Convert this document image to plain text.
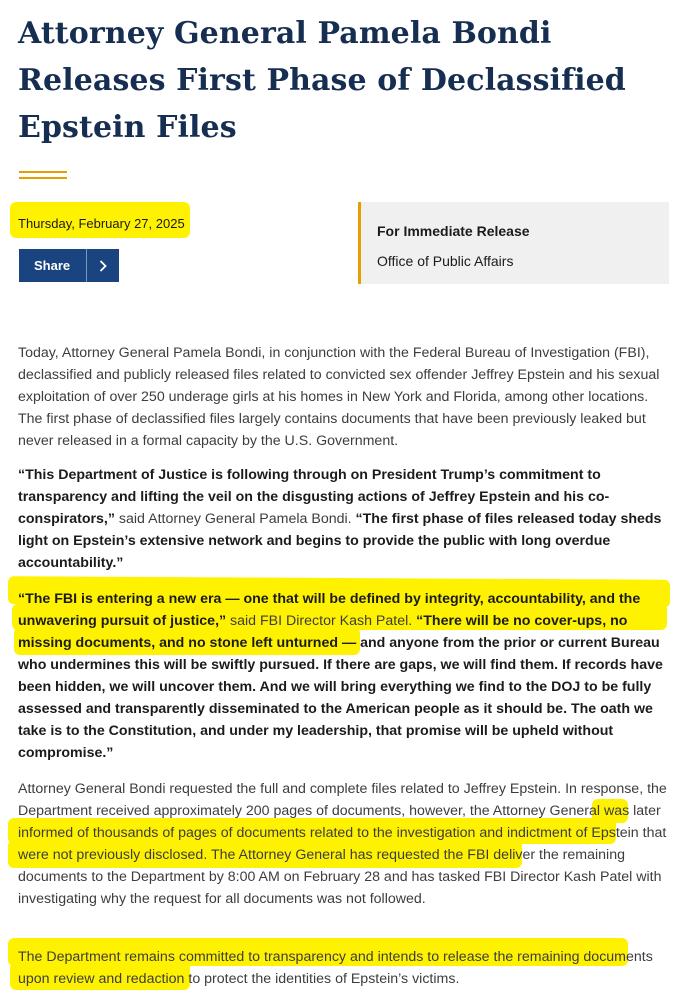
Attorney General Pamela Bondi Releases First Phase of Declassified Epstein Files
Thursday, February 27, 2025
Share
For Immediate Release
Office of Public Affairs

Today, Attorney General Pamela Bondi, in conjunction with the Federal Bureau of Investigation (FBI), declassified and publicly released files related to convicted sex offender Jeffrey Epstein and his sexual exploitation of over 250 underage girls at his homes in New York and Florida, among other locations. The first phase of declassified files largely contains documents that have been previously leaked but never released in a formal capacity by the U.S. Government.

“This Department of Justice is following through on President Trump’s commitment to transparency and lifting the veil on the disgusting actions of Jeffrey Epstein and his co-conspirators,” said Attorney General Pamela Bondi. “The first phase of files released today sheds light on Epstein’s extensive network and begins to provide the public with long overdue accountability.”

“The FBI is entering a new era — one that will be defined by integrity, accountability, and the unwavering pursuit of justice,” said FBI Director Kash Patel. “There will be no cover-ups, no missing documents, and no stone left unturned — and anyone from the prior or current Bureau who undermines this will be swiftly pursued. If there are gaps, we will find them. If records have been hidden, we will uncover them. And we will bring everything we find to the DOJ to be fully assessed and transparently disseminated to the American people as it should be. The oath we take is to the Constitution, and under my leadership, that promise will be upheld without compromise.”

Attorney General Bondi requested the full and complete files related to Jeffrey Epstein. In response, the Department received approximately 200 pages of documents, however, the Attorney General was later informed of thousands of pages of documents related to the investigation and indictment of Epstein that were not previously disclosed. The Attorney General has requested the FBI deliver the remaining documents to the Department by 8:00 AM on February 28 and has tasked FBI Director Kash Patel with investigating why the request for all documents was not followed.

The Department remains committed to transparency and intends to release the remaining documents upon review and redaction to protect the identities of Epstein’s victims.
